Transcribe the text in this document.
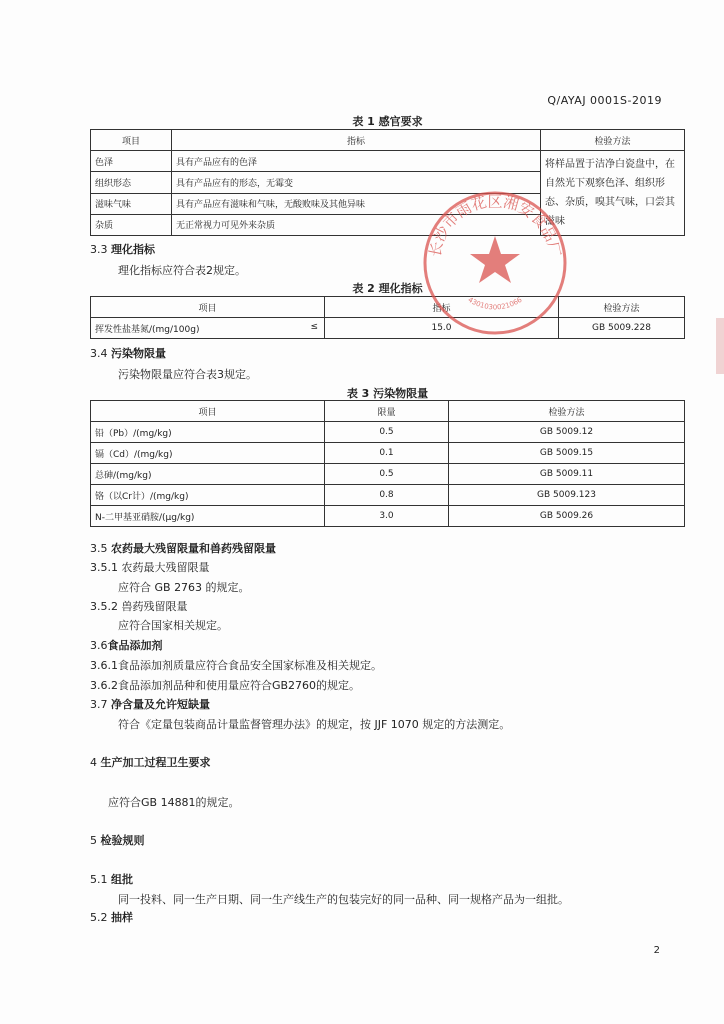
Q/AYAJ 0001S-2019
表 1 感官要求
项目	指标	检验方法
色泽	具有产品应有的色泽	将样品置于洁净白瓷盘中，在自然光下观察色泽、组织形态、杂质，嗅其气味，口尝其滋味
组织形态	具有产品应有的形态，无霉变	
滋味气味	具有产品应有滋味和气味，无酸败味及其他异味	
杂质	无正常视力可见外来杂质	
3.3 理化指标
理化指标应符合表2规定。
表 2 理化指标
项目	指标	检验方法
挥发性盐基氮/(mg/100g) ≤	15.0	GB 5009.228
3.4 污染物限量
污染物限量应符合表3规定。
表 3 污染物限量
项目	限量	检验方法
铅（Pb）/(mg/kg)	0.5	GB 5009.12
镉（Cd）/(mg/kg)	0.1	GB 5009.15
总砷/(mg/kg)	0.5	GB 5009.11
铬（以Cr计）/(mg/kg)	0.8	GB 5009.123
N-二甲基亚硝胺/(μg/kg)	3.0	GB 5009.26
3.5 农药最大残留限量和兽药残留限量
3.5.1 农药最大残留限量
应符合 GB 2763 的规定。
3.5.2 兽药残留限量
应符合国家相关规定。
3.6食品添加剂
3.6.1食品添加剂质量应符合食品安全国家标准及相关规定。
3.6.2食品添加剂品种和使用量应符合GB2760的规定。
3.7 净含量及允许短缺量
符合《定量包装商品计量监督管理办法》的规定，按 JJF 1070 规定的方法测定。
4 生产加工过程卫生要求
应符合GB 14881的规定。
5 检验规则
5.1 组批
同一投料、同一生产日期、同一生产线生产的包装完好的同一品种、同一规格产品为一组批。
5.2 抽样
2
长沙市雨花区湘安食品厂
4301030021066
